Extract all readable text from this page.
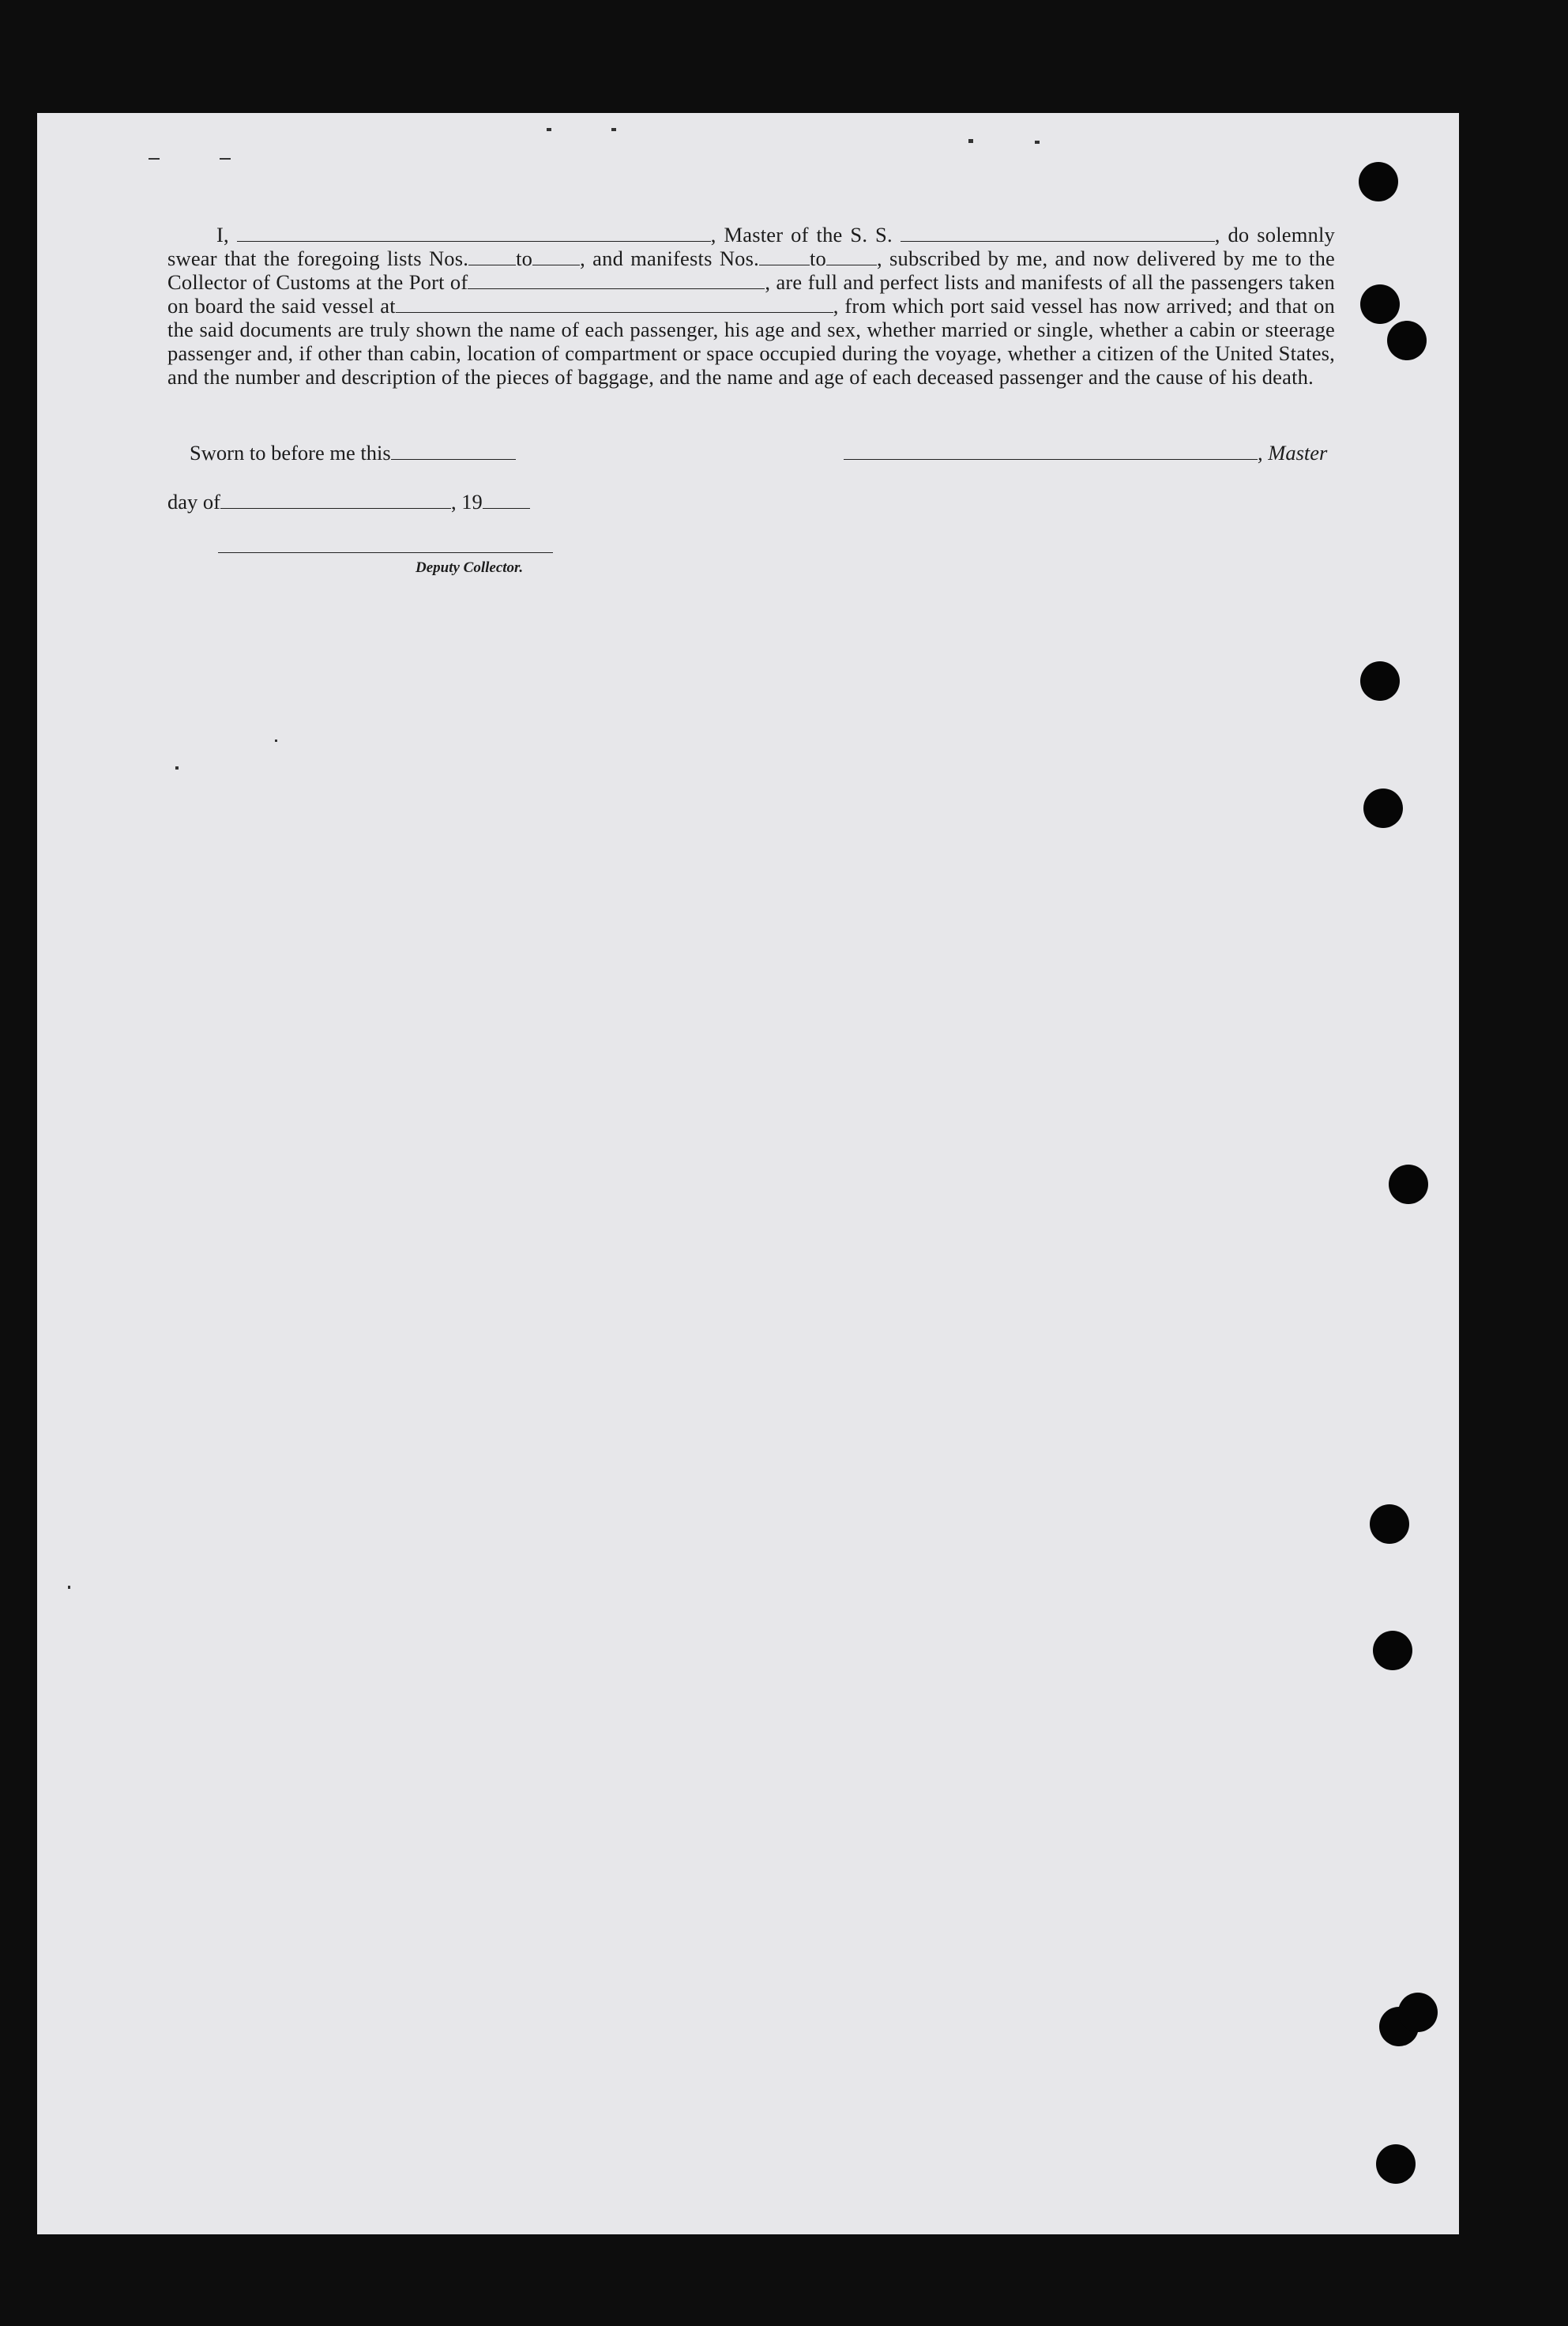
I,	, Master of the S. S.	, do solemnly swear that the foregoing lists Nos. to , and manifests Nos. to , subscribed by me, and now delivered by me to the Collector of Customs at the Port of	, are full and perfect lists and manifests of all the passengers taken on board the said vessel at	, from which port said vessel has now arrived; and that on the said documents are truly shown the name of each passenger, his age and sex, whether married or single, whether a cabin or steerage passenger and, if other than cabin, location of compartment or space occupied during the voyage, whether a citizen of the United States, and the number and description of the pieces of baggage, and the name and age of each deceased passenger and the cause of his death.

Sworn to before me this	, Master
day of	, 19
Deputy Collector.
